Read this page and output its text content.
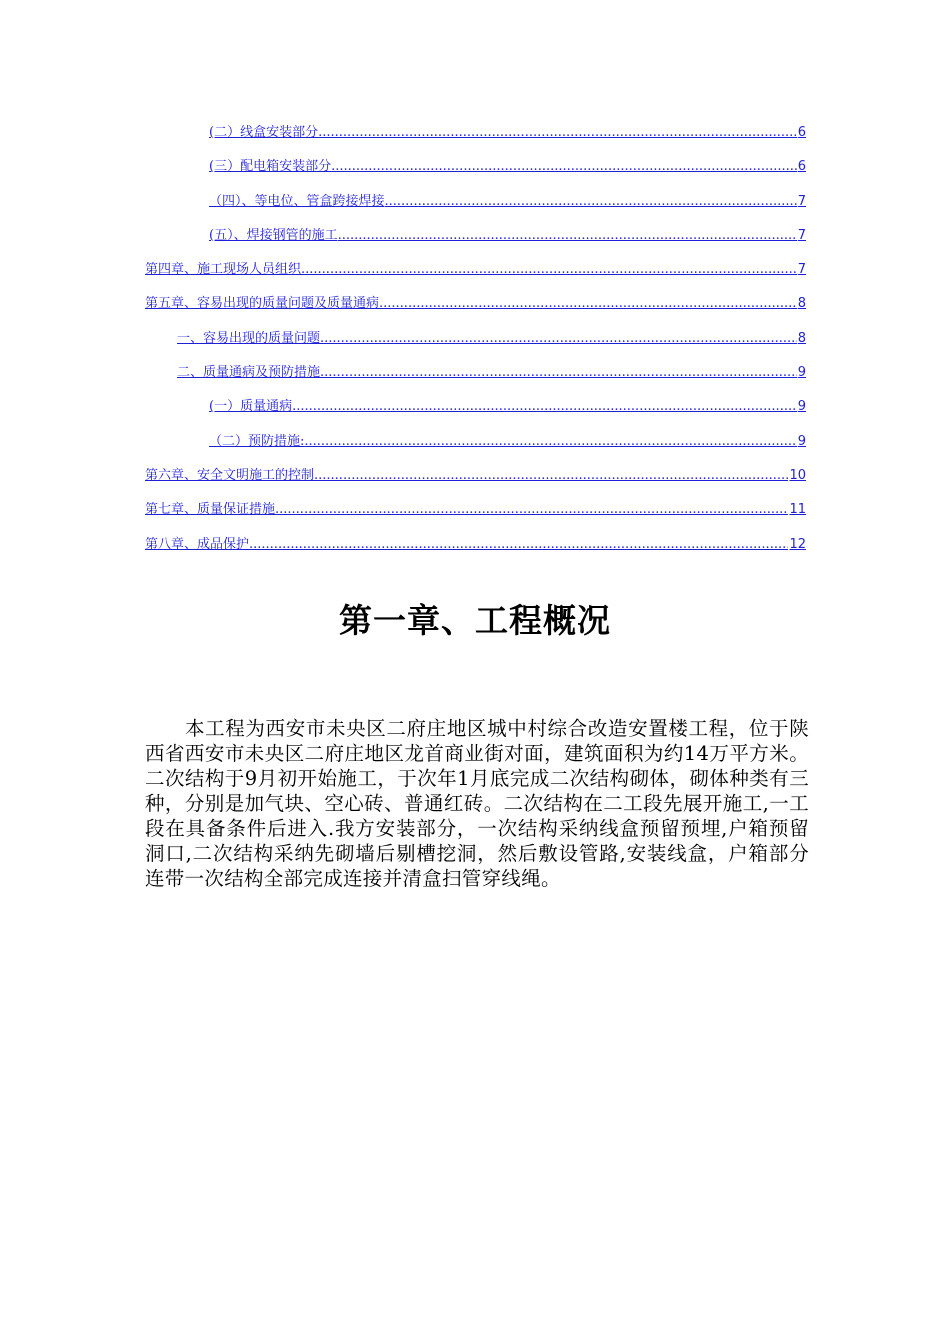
(二）线盒安装部分 .....	6
(三）配电箱安装部分 .....	6
（四）、等电位、管盒跨接焊接 .....	7
(五）、焊接钢管的施工 .....	7
第四章、施工现场人员组织 .....	7
第五章、容易出现的质量问题及质量通病 .....	8
一、容易出现的质量问题 .....	8
二、质量通病及预防措施 .....	9
(一）质量通病 .....	9
（二）预防措施: .....	9
第六章、安全文明施工的控制 .....	10
第七章、质量保证措施 .....	11
第八章、成品保护 .....	12
第一章、工程概况

本工程为西安市未央区二府庄地区城中村综合改造安置楼工程，位于陕西省西安市未央区二府庄地区龙首商业街对面，建筑面积为约14万平方米。 二次结构于9月初开始施工，于次年1月底完成二次结构砌体，砌体种类有三种，分别是加气块、空心砖、普通红砖。二次结构在二工段先展开施工,一工段在具备条件后进入.我方安装部分，一次结构采纳线盒预留预埋,户箱预留洞口,二次结构采纳先砌墙后剔槽挖洞，然后敷设管路,安装线盒，户箱部分连带一次结构全部完成连接并清盒扫管穿线绳。
